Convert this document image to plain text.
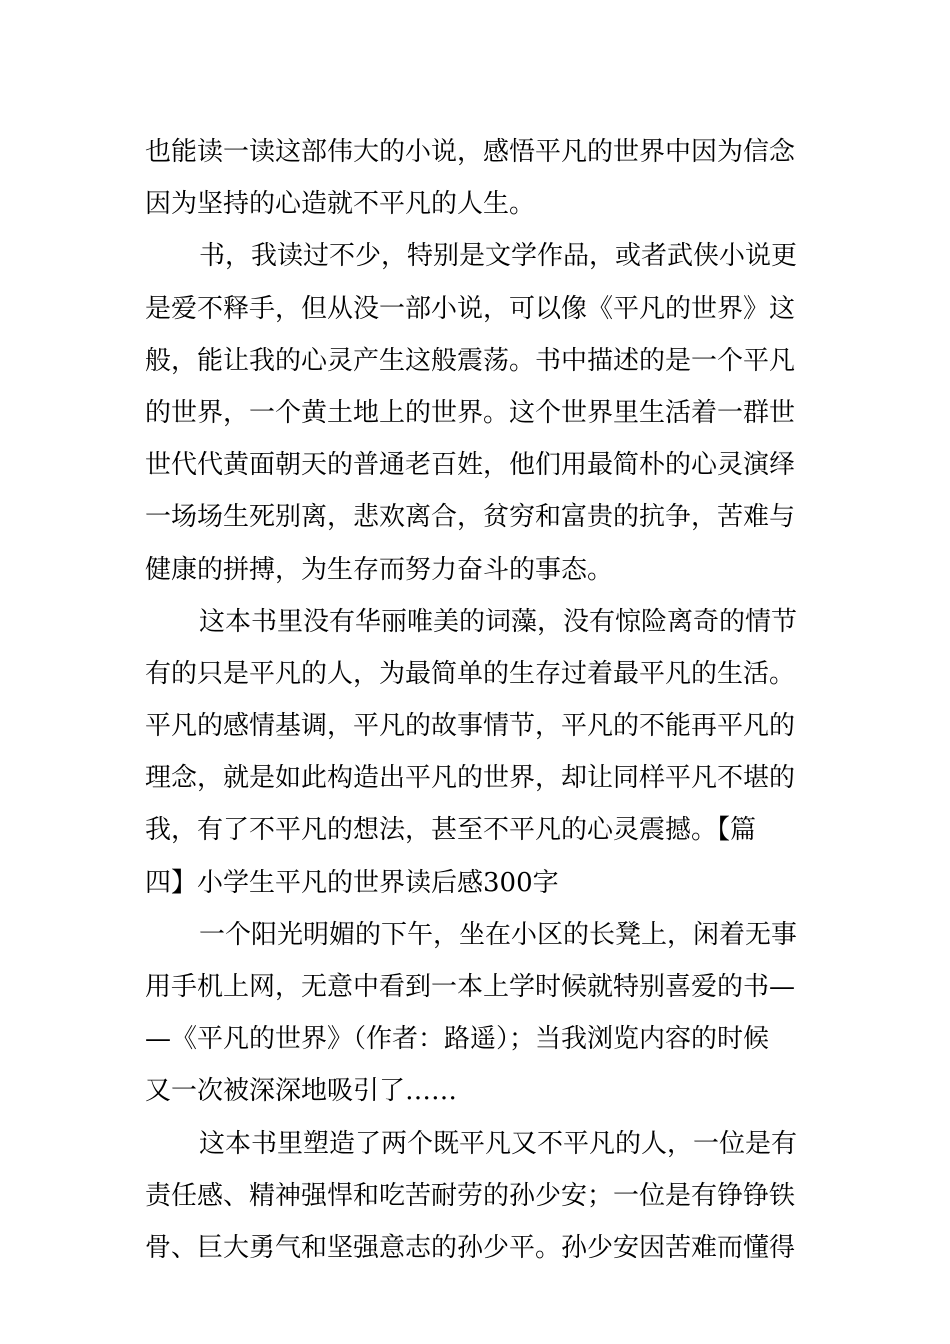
也能读一读这部伟大的小说，感悟平凡的世界中因为信念
因为坚持的心造就不平凡的人生。
书，我读过不少，特别是文学作品，或者武侠小说更
是爱不释手，但从没一部小说，可以像《平凡的世界》这
般，能让我的心灵产生这般震荡。书中描述的是一个平凡
的世界，一个黄土地上的世界。这个世界里生活着一群世
世代代黄面朝天的普通老百姓，他们用最简朴的心灵演绎
一场场生死别离，悲欢离合，贫穷和富贵的抗争，苦难与
健康的拼搏，为生存而努力奋斗的事态。
这本书里没有华丽唯美的词藻，没有惊险离奇的情节
有的只是平凡的人，为最简单的生存过着最平凡的生活。
平凡的感情基调，平凡的故事情节，平凡的不能再平凡的
理念，就是如此构造出平凡的世界，却让同样平凡不堪的
我，有了不平凡的想法，甚至不平凡的心灵震撼。【篇
四】小学生平凡的世界读后感300字
一个阳光明媚的下午，坐在小区的长凳上，闲着无事
用手机上网，无意中看到一本上学时候就特别喜爱的书—
—《平凡的世界》（作者：路遥）；当我浏览内容的时候
又一次被深深地吸引了……
这本书里塑造了两个既平凡又不平凡的人，一位是有
责任感、精神强悍和吃苦耐劳的孙少安；一位是有铮铮铁
骨、巨大勇气和坚强意志的孙少平。孙少安因苦难而懂得
